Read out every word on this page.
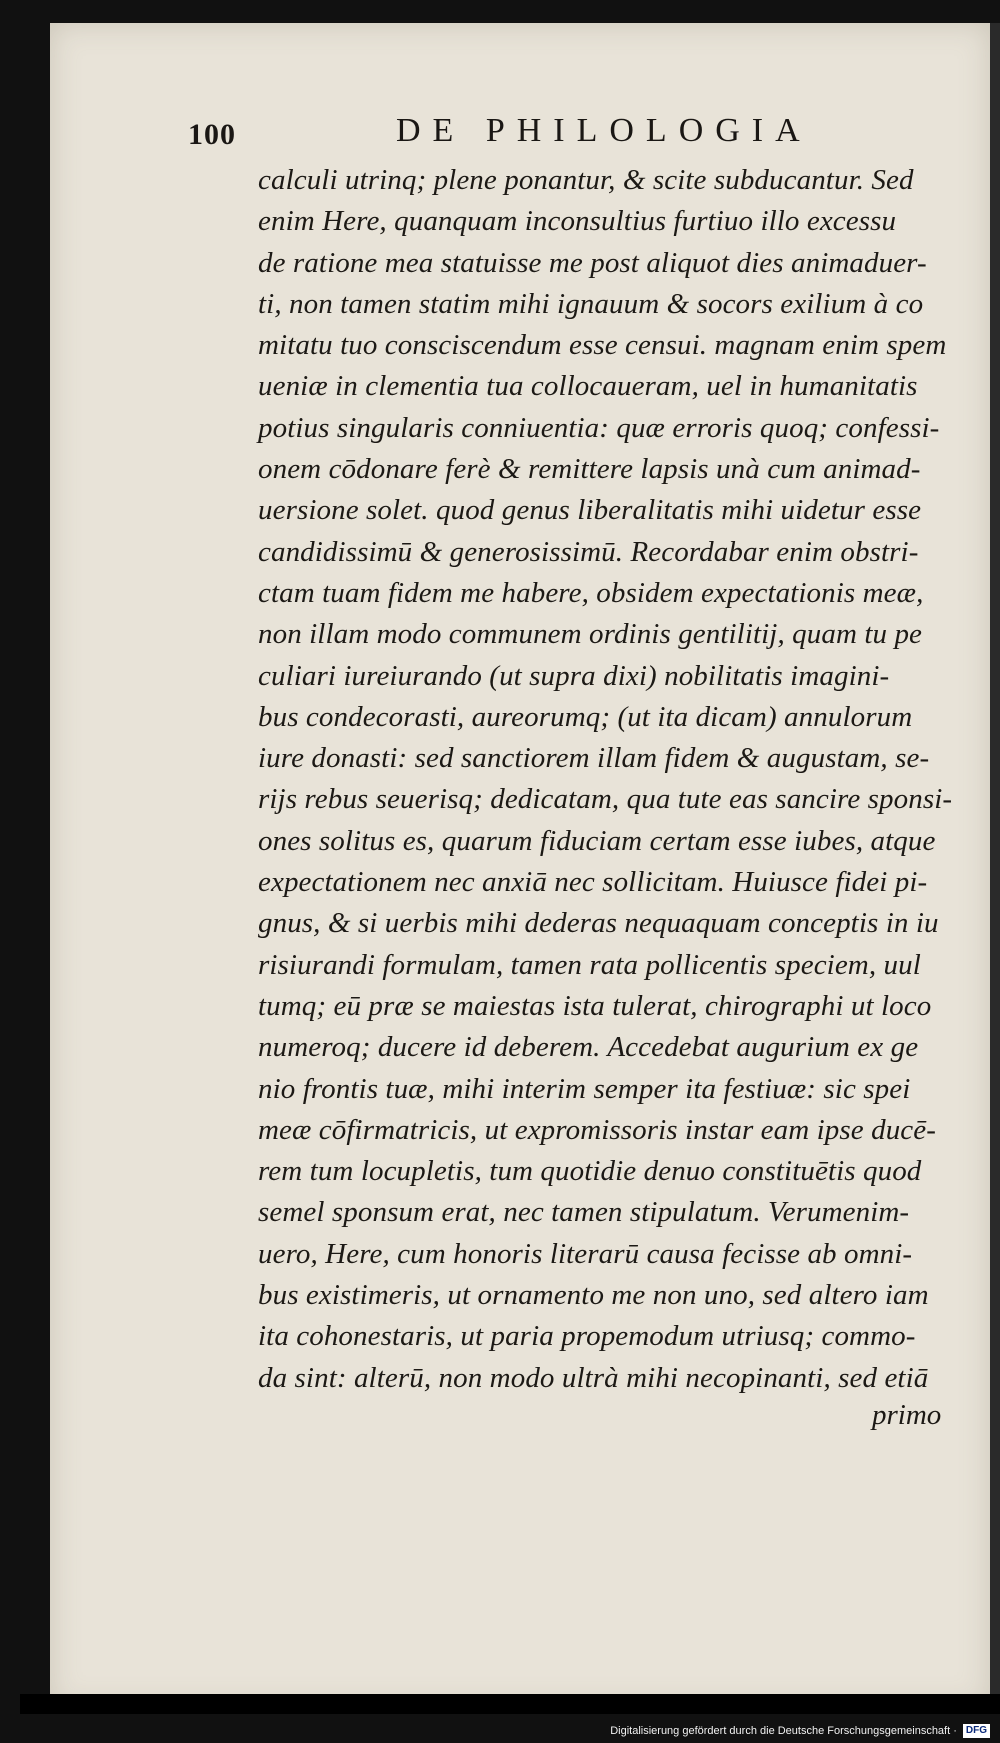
100	DE PHILOLOGIA
calculi utrinq; plene ponantur, & scite subducantur. Sed
enim Here, quanquam inconsultius furtiuo illo excessu
de ratione mea statuisse me post aliquot dies animaduer-
ti, non tamen statim mihi ignauum & socors exilium à co
mitatu tuo consciscendum esse censui. magnam enim spem
ueniæ in clementia tua collocaueram, uel in humanitatis
potius singularis conniuentia: quæ erroris quoq; confessi-
onem cōdonare ferè & remittere lapsis unà cum animad-
uersione solet. quod genus liberalitatis mihi uidetur esse
candidissimū & generosissimū. Recordabar enim obstri-
ctam tuam fidem me habere, obsidem expectationis meæ,
non illam modo communem ordinis gentilitij, quam tu pe
culiari iureiurando (ut supra dixi) nobilitatis imagini-
bus condecorasti, aureorumq; (ut ita dicam) annulorum
iure donasti: sed sanctiorem illam fidem & augustam, se-
rijs rebus seuerisq; dedicatam, qua tute eas sancire sponsi-
ones solitus es, quarum fiduciam certam esse iubes, atque
expectationem nec anxiā nec sollicitam. Huiusce fidei pi-
gnus, & si uerbis mihi dederas nequaquam conceptis in iu
risiurandi formulam, tamen rata pollicentis speciem, uul
tumq; eū præ se maiestas ista tulerat, chirographi ut loco
numeroq; ducere id deberem. Accedebat augurium ex ge
nio frontis tuæ, mihi interim semper ita festiuæ: sic spei
meæ cōfirmatricis, ut expromissoris instar eam ipse ducē-
rem tum locupletis, tum quotidie denuo constituētis quod
semel sponsum erat, nec tamen stipulatum. Verumenim-
uero, Here, cum honoris literarū causa fecisse ab omni-
bus existimeris, ut ornamento me non uno, sed altero iam
ita cohonestaris, ut paria propemodum utriusq; commo-
da sint: alterū, non modo ultrà mihi necopinanti, sed etiā
primo
Digitalisierung gefördert durch die Deutsche Forschungsgemeinschaft · DFG
